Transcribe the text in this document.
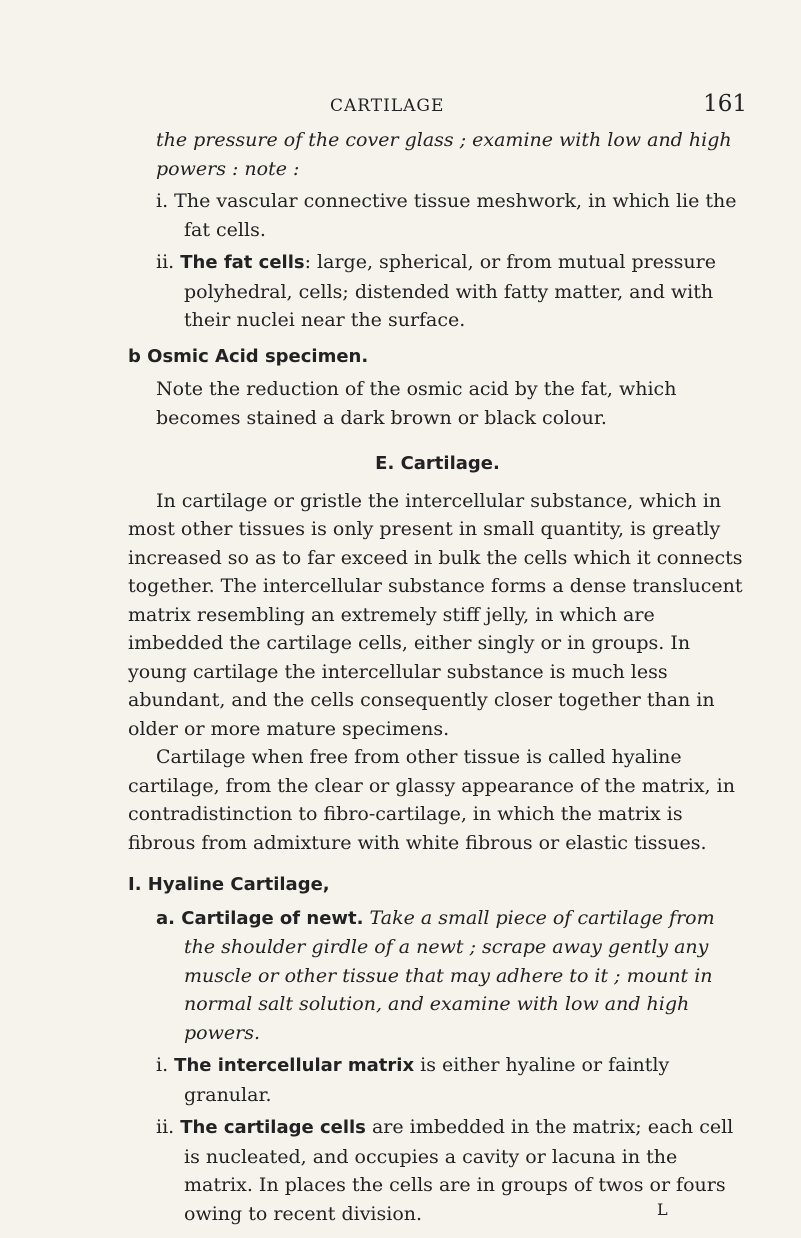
CARTILAGE	161

the pressure of the cover glass ; examine with low and high powers : note :

i. The vascular connective tissue meshwork, in which lie the fat cells.

ii. The fat cells: large, spherical, or from mutual pressure polyhedral, cells; distended with fatty matter, and with their nuclei near the surface.

b Osmic Acid specimen.

Note the reduction of the osmic acid by the fat, which becomes stained a dark brown or black colour.

E. Cartilage.

In cartilage or gristle the intercellular substance, which in most other tissues is only present in small quantity, is greatly increased so as to far exceed in bulk the cells which it connects together. The intercellular substance forms a dense translucent matrix resembling an extremely stiff jelly, in which are imbedded the cartilage cells, either singly or in groups. In young cartilage the intercellular substance is much less abundant, and the cells consequently closer together than in older or more mature specimens.

Cartilage when free from other tissue is called hyaline cartilage, from the clear or glassy appearance of the matrix, in contradistinction to fibro-cartilage, in which the matrix is fibrous from admixture with white fibrous or elastic tissues.

I. Hyaline Cartilage,

a. Cartilage of newt. Take a small piece of cartilage from the shoulder girdle of a newt ; scrape away gently any muscle or other tissue that may adhere to it ; mount in normal salt solution, and examine with low and high powers.

i. The intercellular matrix is either hyaline or faintly granular.

ii. The cartilage cells are imbedded in the matrix; each cell is nucleated, and occupies a cavity or lacuna in the matrix. In places the cells are in groups of twos or fours owing to recent division.	L
